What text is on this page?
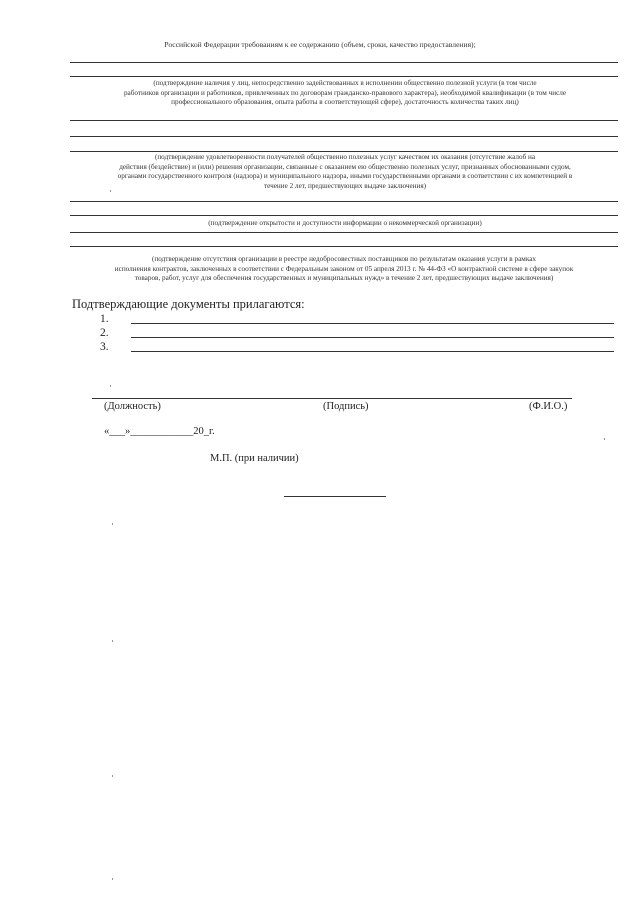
Российской Федерации требованиям к ее содержанию (объем, сроки, качество предоставления);
(подтверждение наличия у лиц, непосредственно задействованных в исполнении общественно полезной услуги (в том числе
работников организации и работников, привлеченных по договорам гражданско-правового характера), необходимой квалификации (в том числе
профессионального образования, опыта работы в соответствующей сфере), достаточность количества таких лиц)
(подтверждение удовлетворенности получателей общественно полезных услуг качеством их оказания (отсутствие жалоб на
действия (бездействие) и (или) решения организации, связанные с оказанием ею общественно полезных услуг, признанных обоснованными судом,
органами государственного контроля (надзора) и муниципального надзора, иными государственными органами в соответствии с их компетенцией в
течение 2 лет, предшествующих выдаче заключения)
(подтверждение открытости и доступности информации о некоммерческой организации)
(подтверждение отсутствия организации в реестре недобросовестных поставщиков по результатам оказания услуги в рамках
исполнения контрактов, заключенных в соответствии с Федеральным законом от 05 апреля 2013 г. № 44-ФЗ «О контрактной системе в сфере закупок
товаров, работ, услуг для обеспечения государственных и муниципальных нужд» в течение 2 лет, предшествующих выдаче заключения)
Подтверждающие документы прилагаются:
1.
2.
3.
(Должность)	(Подпись)	(Ф.И.О.)
«___»____________20_г.
М.П. (при наличии)
